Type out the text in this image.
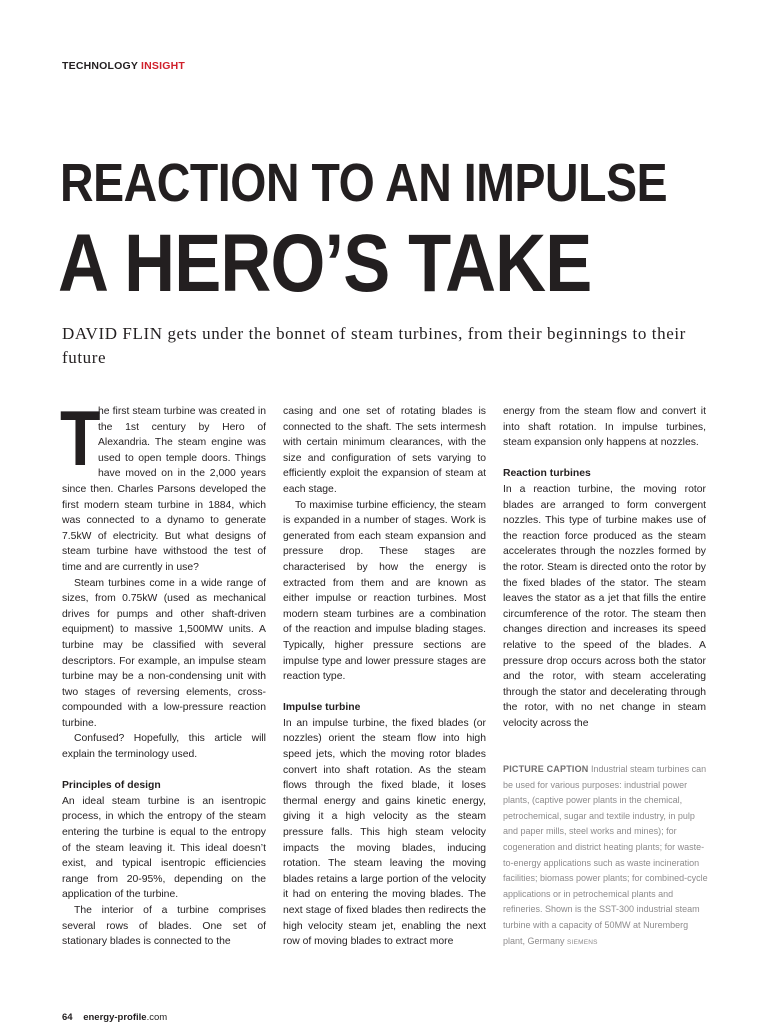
TECHNOLOGY INSIGHT
REACTION TO AN IMPULSE
A HERO’S TAKE

DAVID FLIN gets under the bonnet of steam turbines, from their beginnings to their future

T

he first steam turbine was created in the 1st century by Hero of Alexandria. The steam engine was used to open temple doors. Things have moved on in the 2,000 years since then. Charles Parsons developed the first modern steam turbine in 1884, which was connected to a dynamo to generate 7.5kW of electricity. But what designs of steam turbine have withstood the test of time and are currently in use?

Steam turbines come in a wide range of sizes, from 0.75kW (used as mechanical drives for pumps and other shaft-driven equipment) to massive 1,500MW units. A turbine may be classified with several descriptors. For example, an impulse steam turbine may be a non-condensing unit with two stages of reversing elements, cross-compounded with a low-pressure reaction turbine.

Confused? Hopefully, this article will explain the terminology used.

Principles of design

An ideal steam turbine is an isentropic process, in which the entropy of the steam entering the turbine is equal to the entropy of the steam leaving it. This ideal doesn’t exist, and typical isentropic efficiencies range from 20-95%, depending on the application of the turbine.

The interior of a turbine comprises several rows of blades. One set of stationary blades is connected to the

casing and one set of rotating blades is connected to the shaft. The sets intermesh with certain minimum clearances, with the size and configuration of sets varying to efficiently exploit the expansion of steam at each stage.

To maximise turbine efficiency, the steam is expanded in a number of stages. Work is generated from each steam expansion and pressure drop. These stages are characterised by how the energy is extracted from them and are known as either impulse or reaction turbines. Most modern steam turbines are a combination of the reaction and impulse blading stages. Typically, higher pressure sections are impulse type and lower pressure stages are reaction type.

Impulse turbine

In an impulse turbine, the fixed blades (or nozzles) orient the steam flow into high speed jets, which the moving rotor blades convert into shaft rotation. As the steam flows through the fixed blade, it loses thermal energy and gains kinetic energy, giving it a high velocity as the steam pressure falls. This high steam velocity impacts the moving blades, inducing rotation. The steam leaving the moving blades retains a large portion of the velocity it had on entering the moving blades. The next stage of fixed blades then redirects the high velocity steam jet, enabling the next row of moving blades to extract more

energy from the steam flow and convert it into shaft rotation. In impulse turbines, steam expansion only happens at nozzles.

Reaction turbines

In a reaction turbine, the moving rotor blades are arranged to form convergent nozzles. This type of turbine makes use of the reaction force produced as the steam accelerates through the nozzles formed by the rotor. Steam is directed onto the rotor by the fixed blades of the stator. The steam leaves the stator as a jet that fills the entire circumference of the rotor. The steam then changes direction and increases its speed relative to the speed of the blades. A pressure drop occurs across both the stator and the rotor, with steam accelerating through the stator and decelerating through the rotor, with no net change in steam velocity across the

PICTURE CAPTION Industrial steam turbines can be used for various purposes: industrial power plants, (captive power plants in the chemical, petrochemical, sugar and textile industry, in pulp and paper mills, steel works and mines); for cogeneration and district heating plants; for waste-to-energy applications such as waste incineration facilities; biomass power plants; for combined-cycle applications or in petrochemical plants and refineries. Shown is the SST-300 industrial steam turbine with a capacity of 50MW at Nuremberg plant, Germany SIEMENS
64 energy-profile.com
